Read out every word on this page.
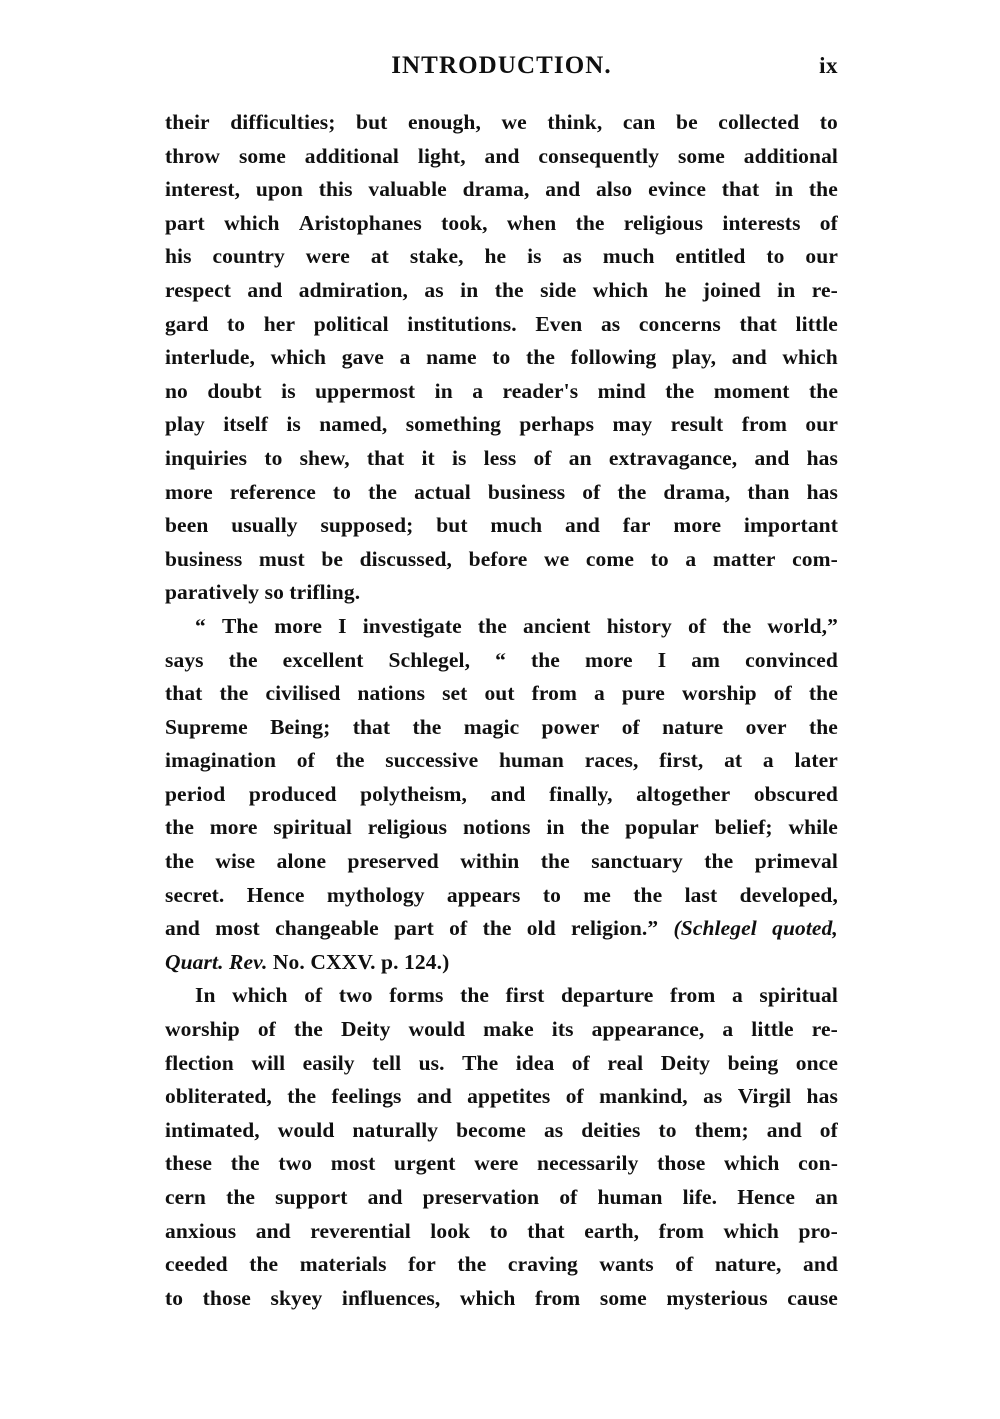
INTRODUCTION.	ix
their difficulties; but enough, we think, can be collected to
throw some additional light, and consequently some additional
interest, upon this valuable drama, and also evince that in the
part which Aristophanes took, when the religious interests of
his country were at stake, he is as much entitled to our
respect and admiration, as in the side which he joined in re-
gard to her political institutions. Even as concerns that little
interlude, which gave a name to the following play, and which
no doubt is uppermost in a reader's mind the moment the
play itself is named, something perhaps may result from our
inquiries to shew, that it is less of an extravagance, and has
more reference to the actual business of the drama, than has
been usually supposed; but much and far more important
business must be discussed, before we come to a matter com-
paratively so trifling.
“ The more I investigate the ancient history of the world,”
says the excellent Schlegel, “ the more I am convinced
that the civilised nations set out from a pure worship of the
Supreme Being; that the magic power of nature over the
imagination of the successive human races, first, at a later
period produced polytheism, and finally, altogether obscured
the more spiritual religious notions in the popular belief; while
the wise alone preserved within the sanctuary the primeval
secret. Hence mythology appears to me the last developed,
and most changeable part of the old religion.” (Schlegel quoted,
Quart. Rev. No. CXXV. p. 124.)
In which of two forms the first departure from a spiritual
worship of the Deity would make its appearance, a little re-
flection will easily tell us. The idea of real Deity being once
obliterated, the feelings and appetites of mankind, as Virgil has
intimated, would naturally become as deities to them; and of
these the two most urgent were necessarily those which con-
cern the support and preservation of human life. Hence an
anxious and reverential look to that earth, from which pro-
ceeded the materials for the craving wants of nature, and
to those skyey influences, which from some mysterious cause
